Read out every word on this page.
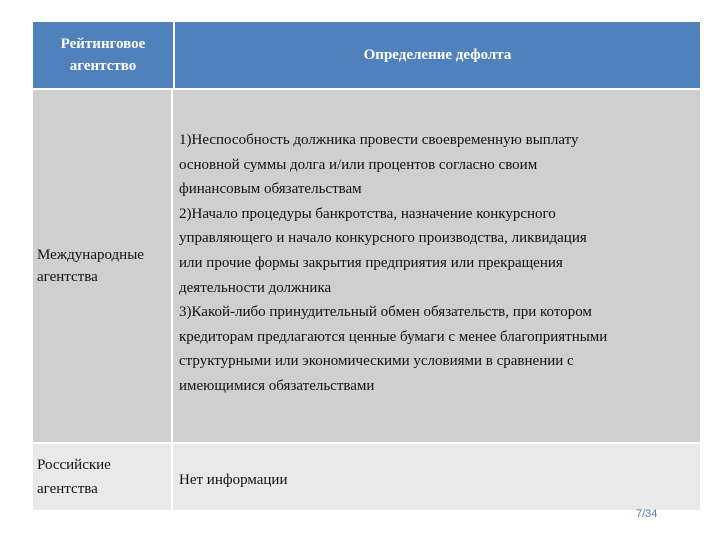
Рейтинговое агентство
Определение дефолта
Международные агентства
1)Неспособность должника провести своевременную выплату
основной суммы долга и/или процентов согласно своим
финансовым обязательствам
2)Начало процедуры банкротства, назначение конкурсного
управляющего и начало конкурсного производства, ликвидация
или прочие формы закрытия предприятия или прекращения
деятельности должника
3)Какой-либо принудительный обмен обязательств, при котором
кредиторам предлагаются ценные бумаги с менее благоприятными
структурными или экономическими условиями в сравнении с
имеющимися обязательствами
Российские агентства
Нет информации
7/34
